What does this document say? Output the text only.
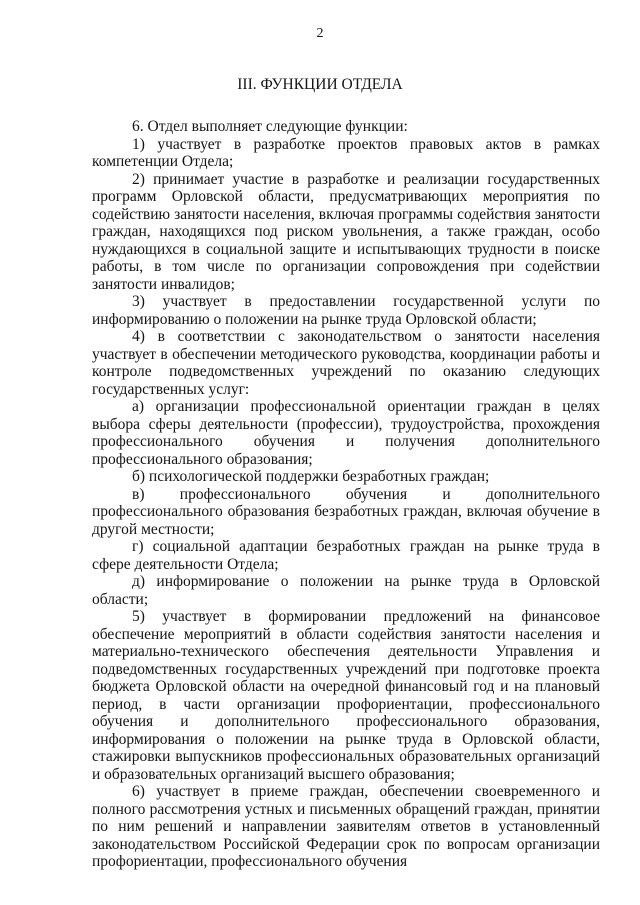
2
III. ФУНКЦИИ ОТДЕЛА

6. Отдел выполняет следующие функции:

1) участвует в разработке проектов правовых актов в рамках компетенции Отдела;

2) принимает участие в разработке и реализации государственных программ Орловской области, предусматривающих мероприятия по содействию занятости населения, включая программы содействия занятости граждан, находящихся под риском увольнения, а также граждан, особо нуждающихся в социальной защите и испытывающих трудности в поиске работы, в том числе по организации сопровождения при содействии занятости инвалидов;

3) участвует в предоставлении государственной услуги по информированию о положении на рынке труда Орловской области;

4) в соответствии с законодательством о занятости населения участвует в обеспечении методического руководства, координации работы и контроле подведомственных учреждений по оказанию следующих государственных услуг:

а) организации профессиональной ориентации граждан в целях выбора сферы деятельности (профессии), трудоустройства, прохождения профессионального обучения и получения дополнительного профессионального образования;

б) психологической поддержки безработных граждан;

в) профессионального обучения и дополнительного профессионального образования безработных граждан, включая обучение в другой местности;

г) социальной адаптации безработных граждан на рынке труда в сфере деятельности Отдела;

д) информирование о положении на рынке труда в Орловской области;

5) участвует в формировании предложений на финансовое обеспечение мероприятий в области содействия занятости населения и материально-технического обеспечения деятельности Управления и подведомственных государственных учреждений при подготовке проекта бюджета Орловской области на очередной финансовый год и на плановый период, в части организации профориентации, профессионального обучения и дополнительного профессионального образования, информирования о положении на рынке труда в Орловской области, стажировки выпускников профессиональных образовательных организаций и образовательных организаций высшего образования;

6) участвует в приеме граждан, обеспечении своевременного и полного рассмотрения устных и письменных обращений граждан, принятии по ним решений и направлении заявителям ответов в установленный законодательством Российской Федерации срок по вопросам организации профориентации, профессионального обучения
